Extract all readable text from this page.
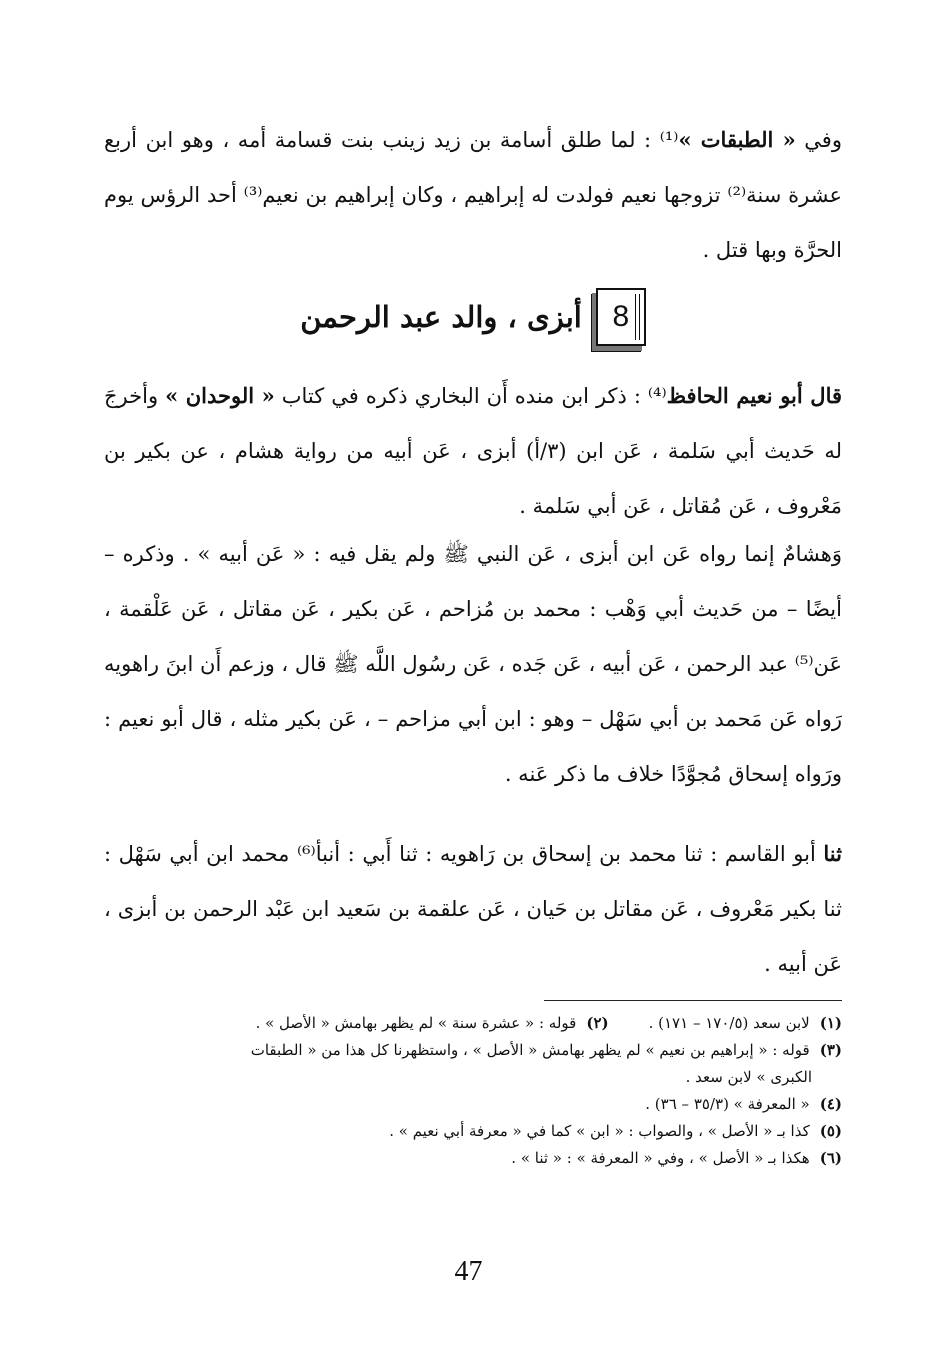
وفي « الطبقات »⁽¹⁾ : لما طلق أسامة بن زيد زينب بنت قسامة أمه ، وهو ابن أربع عشرة سنة⁽²⁾ تزوجها نعيم فولدت له إبراهيم ، وكان إبراهيم بن نعيم⁽³⁾ أحد الرؤس يوم الحرَّة وبها قتل .

8
أبزى ، والد عبد الرحمن

قال أبو نعيم الحافظ⁽⁴⁾ : ذكر ابن منده أَن البخاري ذكره في كتاب « الوحدان » وأخرجَ له حَديث أبي سَلمة ، عَن ابن (٣/أ) أبزى ، عَن أبيه من رواية هشام ، عن بكير بن مَعْروف ، عَن مُقاتل ، عَن أبي سَلمة .

وَهشامٌ إنما رواه عَن ابن أبزى ، عَن النبي ﷺ ولم يقل فيه : « عَن أبيه » . وذكره – أيضًا – من حَديث أبي وَهْب : محمد بن مُزاحم ، عَن بكير ، عَن مقاتل ، عَن عَلْقمة ، عَن⁽⁵⁾ عبد الرحمن ، عَن أبيه ، عَن جَده ، عَن رسُول اللَّه ﷺ قال ، وزعم أَن ابنَ راهويه رَواه عَن مَحمد بن أبي سَهْل – وهو : ابن أبي مزاحم – ، عَن بكير مثله ، قال أبو نعيم : ورَواه إسحاق مُجوَّدًا خلاف ما ذكر عَنه .

ثنا أبو القاسم : ثنا محمد بن إسحاق بن رَاهويه : ثنا أَبي : أنبأ⁽⁶⁾ محمد ابن أبي سَهْل : ثنا بكير مَعْروف ، عَن مقاتل بن حَيان ، عَن علقمة بن سَعيد ابن عَبْد الرحمن بن أبزى ، عَن أبيه .

(١)
لابن سعد (١٧٠/٥ – ١٧١) .
(٢)
قوله : « عشرة سنة » لم يظهر بهامش « الأصل » .
(٣)
قوله : « إبراهيم بن نعيم » لم يظهر بهامش « الأصل » ، واستظهرنا كل هذا من « الطبقات
الكبرى » لابن سعد .
(٤)
« المعرفة » (٣٥/٣ – ٣٦) .
(٥)
كذا بـ « الأصل » ، والصواب : « ابن » كما في « معرفة أبي نعيم » .
(٦)
هكذا بـ « الأصل » ، وفي « المعرفة » : « ثنا » .
47
